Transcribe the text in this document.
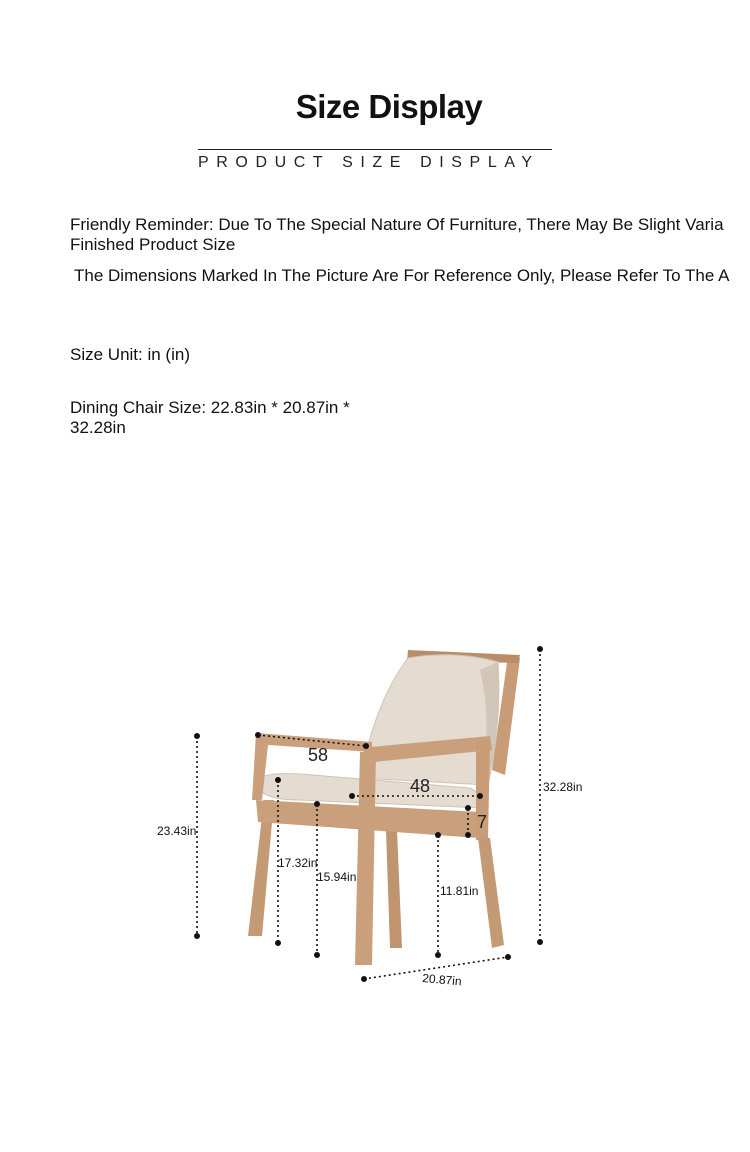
Size Display
PRODUCT SIZE DISPLAY
Friendly Reminder: Due To The Special Nature Of Furniture, There May Be Slight Varia
Finished Product Size
The Dimensions Marked In The Picture Are For Reference Only, Please Refer To The A
Size Unit: in (in)
Dining Chair Size: 22.83in * 20.87in * 32.28in
58
48
7
32.28in
23.43in
17.32in
15.94in
11.81in
20.87in
